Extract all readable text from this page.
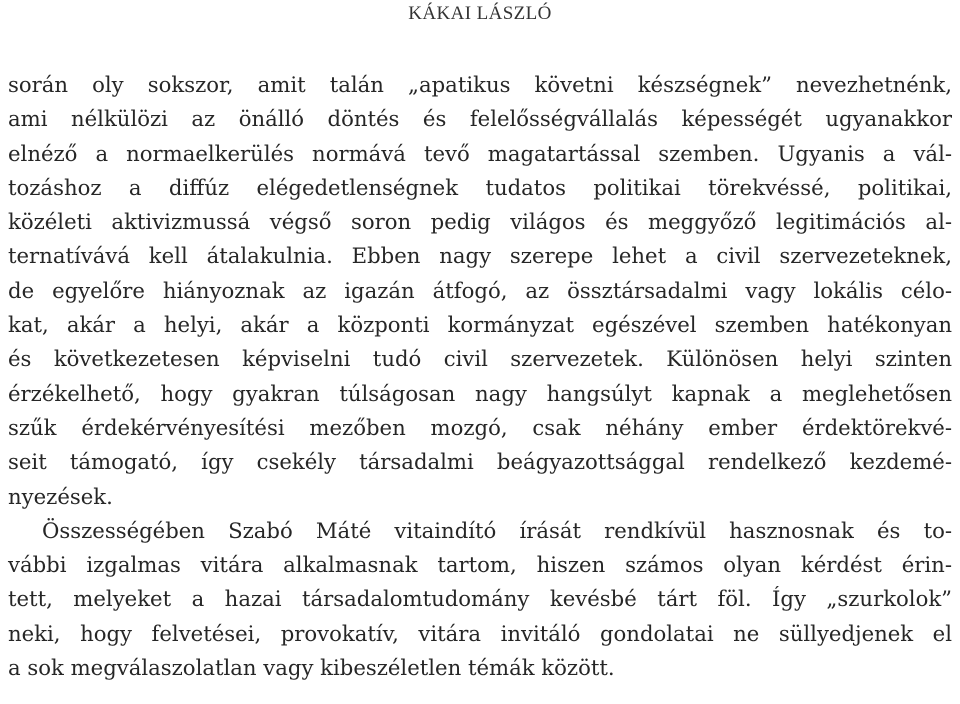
KÁKAI LÁSZLÓ
során oly sokszor, amit talán „apatikus követni készségnek” nevezhetnénk,
ami nélkülözi az önálló döntés és felelősségvállalás képességét ugyanakkor
elnéző a normaelkerülés normává tevő magatartással szemben. Ugyanis a vál-
tozáshoz a diffúz elégedetlenségnek tudatos politikai törekvéssé, politikai,
közéleti aktivizmussá végső soron pedig világos és meggyőző legitimációs al-
ternatívává kell átalakulnia. Ebben nagy szerepe lehet a civil szervezeteknek,
de egyelőre hiányoznak az igazán átfogó, az össztársadalmi vagy lokális célo-
kat, akár a helyi, akár a központi kormányzat egészével szemben hatékonyan
és következetesen képviselni tudó civil szervezetek. Különösen helyi szinten
érzékelhető, hogy gyakran túlságosan nagy hangsúlyt kapnak a meglehetősen
szűk érdekérvényesítési mezőben mozgó, csak néhány ember érdektörekvé-
seit támogató, így csekély társadalmi beágyazottsággal rendelkező kezdemé-
nyezések.
Összességében Szabó Máté vitaindító írását rendkívül hasznosnak és to-
vábbi izgalmas vitára alkalmasnak tartom, hiszen számos olyan kérdést érin-
tett, melyeket a hazai társadalomtudomány kevésbé tárt föl. Így „szurkolok”
neki, hogy felvetései, provokatív, vitára invitáló gondolatai ne süllyedjenek el
a sok megválaszolatlan vagy kibeszéletlen témák között.
